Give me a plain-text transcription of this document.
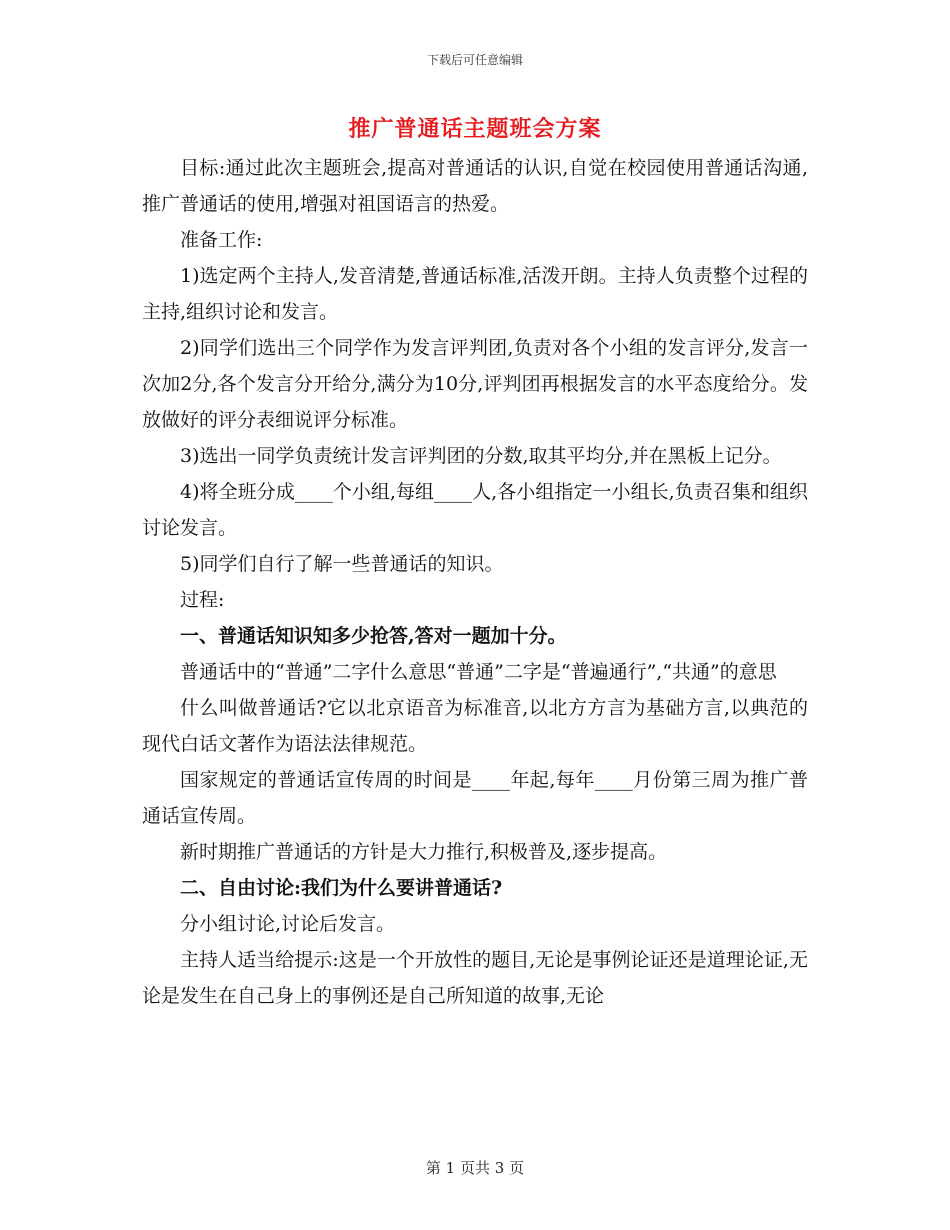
下载后可任意编辑
推广普通话主题班会方案

目标:通过此次主题班会,提高对普通话的认识,自觉在校园使用普通话沟通,推广普通话的使用,增强对祖国语言的热爱。

准备工作:

1)选定两个主持人,发音清楚,普通话标准,活泼开朗。主持人负责整个过程的主持,组织讨论和发言。

2)同学们选出三个同学作为发言评判团,负责对各个小组的发言评分,发言一次加2分,各个发言分开给分,满分为10分,评判团再根据发言的水平态度给分。发放做好的评分表细说评分标准。

3)选出一同学负责统计发言评判团的分数,取其平均分,并在黑板上记分。

4)将全班分成____个小组,每组____人,各小组指定一小组长,负责召集和组织讨论发言。

5)同学们自行了解一些普通话的知识。

过程:

一、普通话知识知多少抢答,答对一题加十分。

普通话中的“普通”二字什么意思“普通”二字是“普遍通行”,“共通”的意思

什么叫做普通话?它以北京语音为标准音,以北方方言为基础方言,以典范的现代白话文著作为语法法律规范。

国家规定的普通话宣传周的时间是____年起,每年____月份第三周为推广普通话宣传周。

新时期推广普通话的方针是大力推行,积极普及,逐步提高。

二、自由讨论:我们为什么要讲普通话?

分小组讨论,讨论后发言。

主持人适当给提示:这是一个开放性的题目,无论是事例论证还是道理论证,无论是发生在自己身上的事例还是自己所知道的故事,无论

第 1 页共 3 页
